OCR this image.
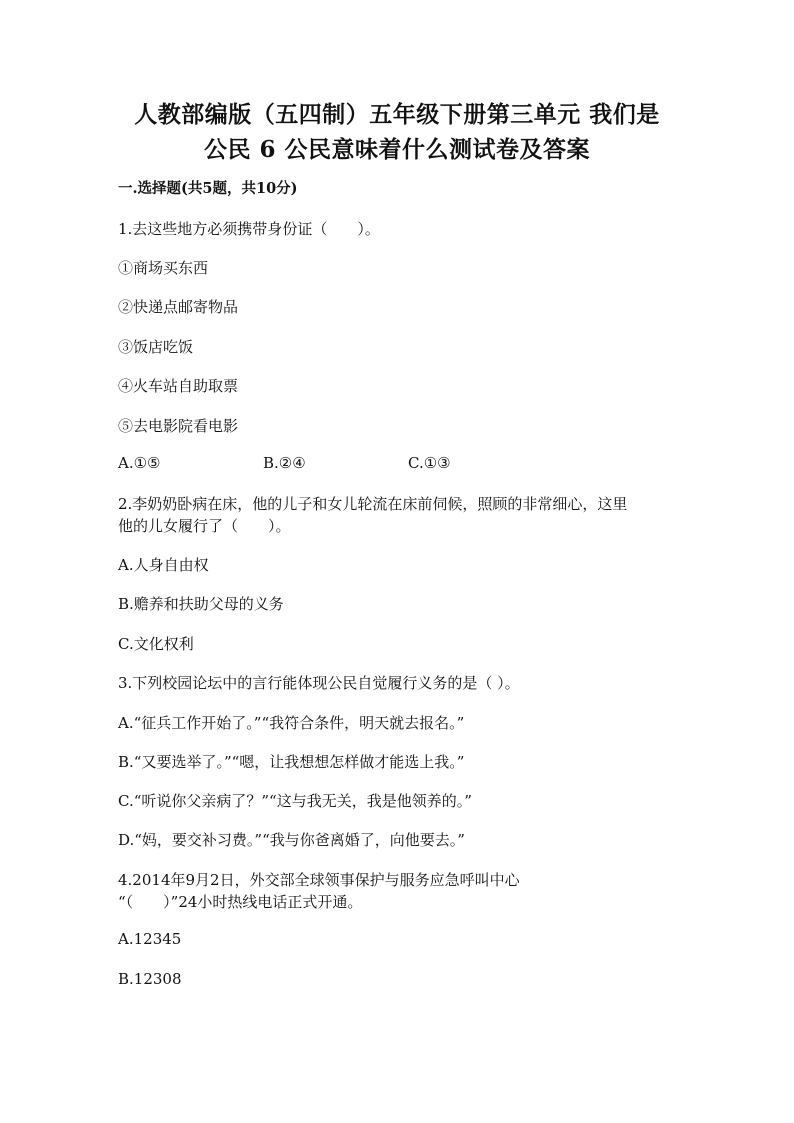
人教部编版（五四制）五年级下册第三单元 我们是
公民 6 公民意味着什么测试卷及答案
一.选择题(共5题，共10分)
1.去这些地方必须携带身份证（　　）。
①商场买东西
②快递点邮寄物品
③饭店吃饭
④火车站自助取票
⑤去电影院看电影
A.①⑤	B.②④	C.①③
2.李奶奶卧病在床，他的儿子和女儿轮流在床前伺候，照顾的非常细心，这里
他的儿女履行了（　　）。
A.人身自由权
B.赡养和扶助父母的义务
C.文化权利
3.下列校园论坛中的言行能体现公民自觉履行义务的是（ ）。
A.“征兵工作开始了。”“我符合条件，明天就去报名。”
B.“又要选举了。”“嗯，让我想想怎样做才能选上我。”
C.“听说你父亲病了？”“这与我无关，我是他领养的。”
D.“妈，要交补习费。”“我与你爸离婚了，向他要去。”
4.2014年9月2日，外交部全球领事保护与服务应急呼叫中心
“（　　）”24小时热线电话正式开通。
A.12345
B.12308
